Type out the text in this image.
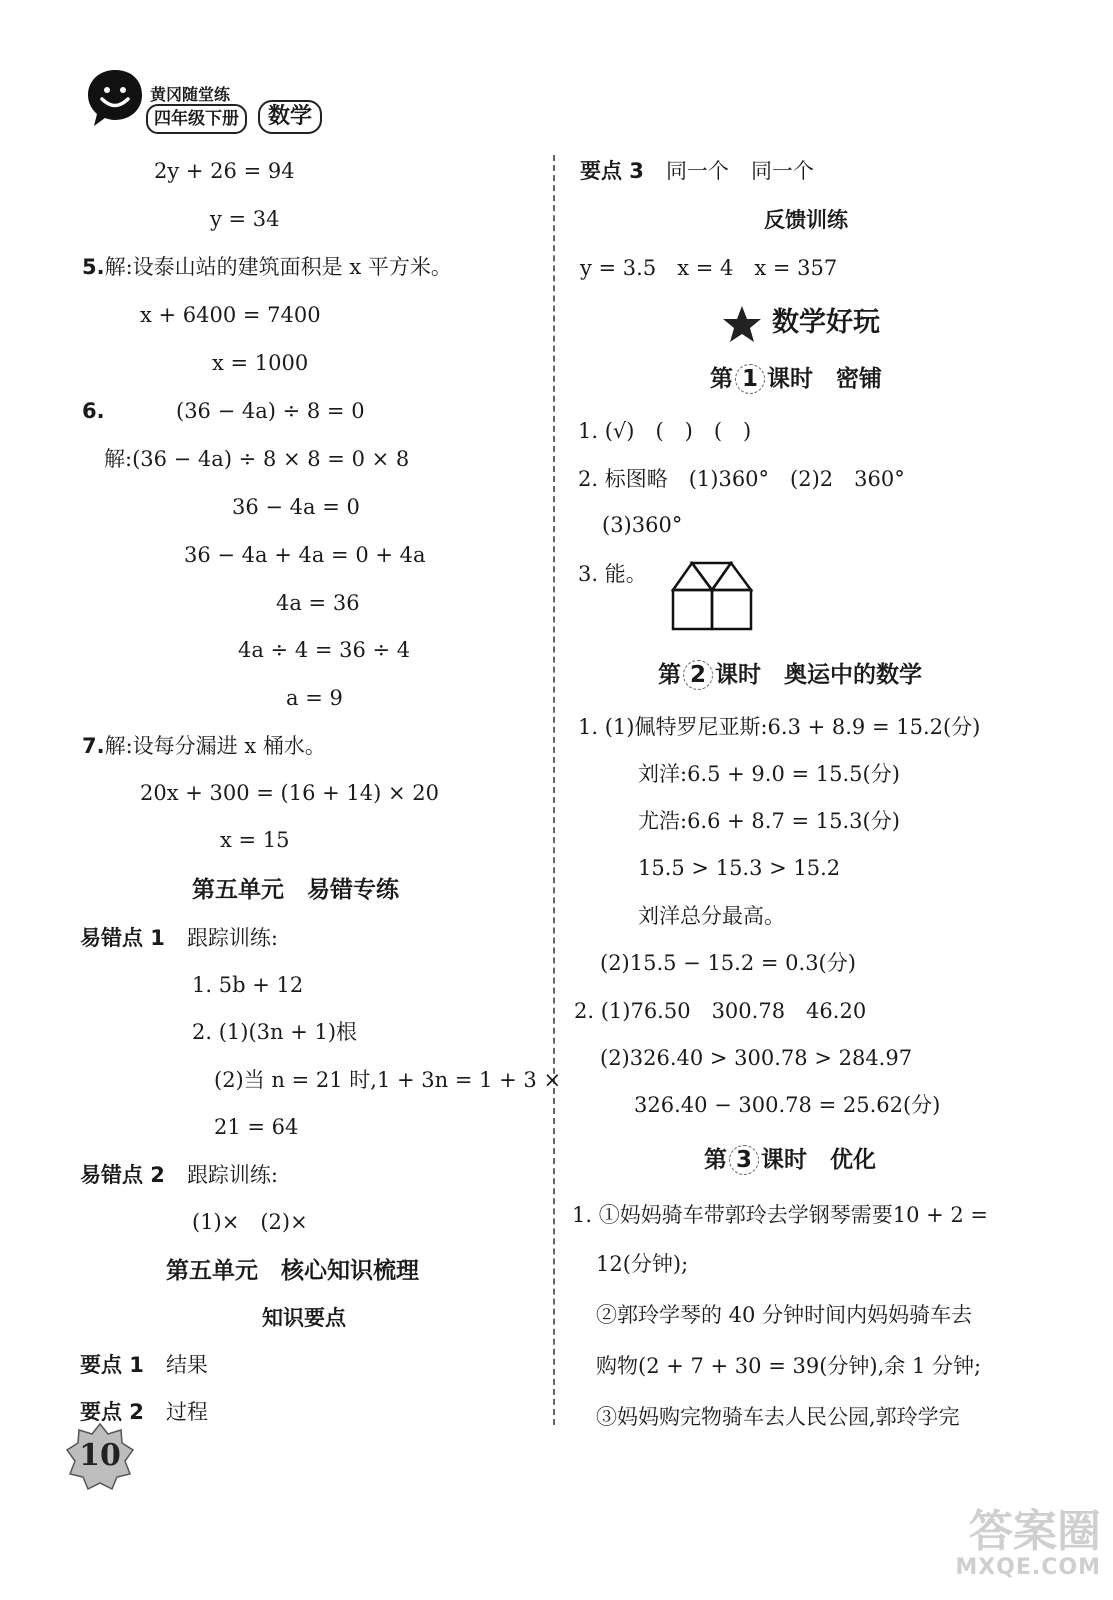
黄冈随堂练
四年级下册	数学
2y + 26 = 94
y = 34
5.解:设泰山站的建筑面积是 x 平方米。
x + 6400 = 7400
x = 1000
6.	(36 − 4a) ÷ 8 = 0
解:(36 − 4a) ÷ 8 × 8 = 0 × 8
36 − 4a = 0
36 − 4a + 4a = 0 + 4a
4a = 36
4a ÷ 4 = 36 ÷ 4
a = 9
7.解:设每分漏进 x 桶水。
20x + 300 = (16 + 14) × 20
x = 15
第五单元　易错专练
易错点 1 跟踪训练:
1. 5b + 12
2. (1)(3n + 1)根
(2)当 n = 21 时,1 + 3n = 1 + 3 ×
21 = 64
易错点 2 跟踪训练:
(1)×　(2)×
第五单元　核心知识梳理
知识要点
要点 1 结果
要点 2 过程
要点 3 同一个 同一个
反馈训练
y = 3.5　x = 4　x = 357
数学好玩
第 1 课时　密铺
1. (√)　(　)　(　)
2. 标图略　(1)360°　(2)2　360°
(3)360°
3. 能。
第 2 课时　奥运中的数学
1. (1)佩特罗尼亚斯:6.3 + 8.9 = 15.2(分)
刘洋:6.5 + 9.0 = 15.5(分)
尤浩:6.6 + 8.7 = 15.3(分)
15.5 > 15.3 > 15.2
刘洋总分最高。
(2)15.5 − 15.2 = 0.3(分)
2. (1)76.50　300.78　46.20
(2)326.40 > 300.78 > 284.97
326.40 − 300.78 = 25.62(分)
第 3 课时　优化
1. ①妈妈骑车带郭玲去学钢琴需要10 + 2 =
12(分钟);
②郭玲学琴的 40 分钟时间内妈妈骑车去
购物(2 + 7 + 30 = 39(分钟),余 1 分钟;
③妈妈购完物骑车去人民公园,郭玲学完
10
答案圈
MXQE.COM
